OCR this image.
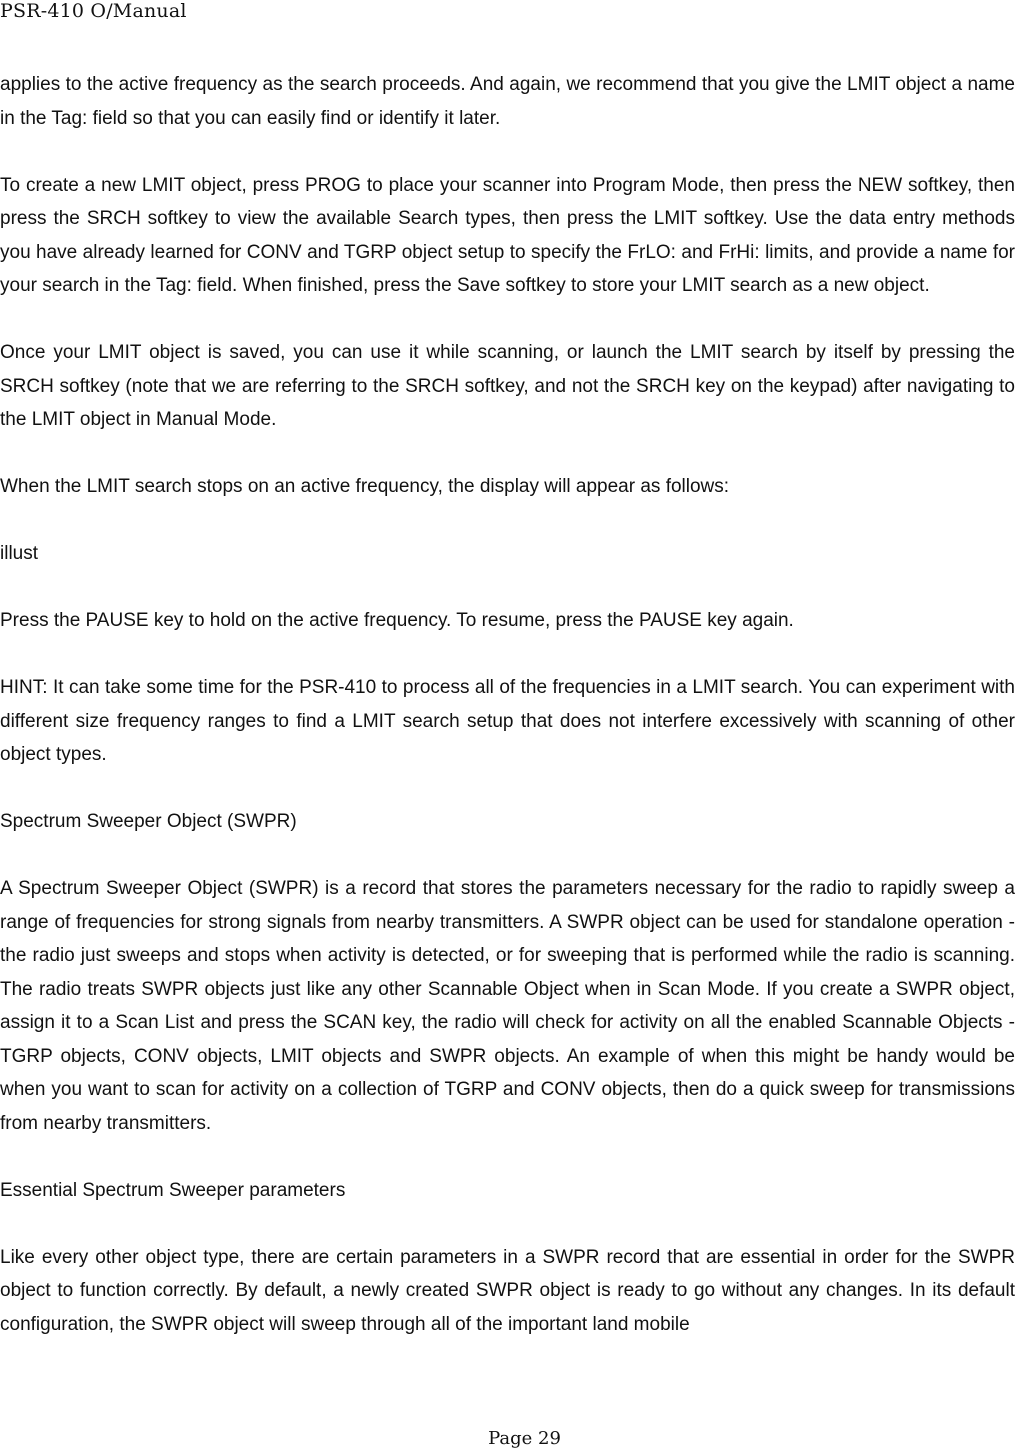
PSR-410 O/Manual

applies to the active frequency as the search proceeds. And again, we recommend that you give the LMIT object a name in the Tag: field so that you can easily find or identify it later.

To create a new LMIT object, press PROG to place your scanner into Program Mode, then press the NEW softkey, then press the SRCH softkey to view the available Search types, then press the LMIT softkey. Use the data entry methods you have already learned for CONV and TGRP object setup to specify the FrLO: and FrHi: limits, and provide a name for your search in the Tag: field. When finished, press the Save softkey to store your LMIT search as a new object.

Once your LMIT object is saved, you can use it while scanning, or launch the LMIT search by itself by pressing the SRCH softkey (note that we are referring to the SRCH softkey, and not the SRCH key on the keypad) after navigating to the LMIT object in Manual Mode.

When the LMIT search stops on an active frequency, the display will appear as follows:

illust

Press the PAUSE key to hold on the active frequency. To resume, press the PAUSE key again.

HINT: It can take some time for the PSR-410 to process all of the frequencies in a LMIT search. You can experiment with different size frequency ranges to find a LMIT search setup that does not interfere excessively with scanning of other object types.

Spectrum Sweeper Object (SWPR)

A Spectrum Sweeper Object (SWPR) is a record that stores the parameters necessary for the radio to rapidly sweep a range of frequencies for strong signals from nearby transmitters. A SWPR object can be used for standalone operation - the radio just sweeps and stops when activity is detected, or for sweeping that is performed while the radio is scanning. The radio treats SWPR objects just like any other Scannable Object when in Scan Mode. If you create a SWPR object, assign it to a Scan List and press the SCAN key, the radio will check for activity on all the enabled Scannable Objects - TGRP objects, CONV objects, LMIT objects and SWPR objects. An example of when this might be handy would be when you want to scan for activity on a collection of TGRP and CONV objects, then do a quick sweep for transmissions from nearby transmitters.

Essential Spectrum Sweeper parameters

Like every other object type, there are certain parameters in a SWPR record that are essential in order for the SWPR object to function correctly. By default, a newly created SWPR object is ready to go without any changes. In its default configuration, the SWPR object will sweep through all of the important land mobile

Page 29
